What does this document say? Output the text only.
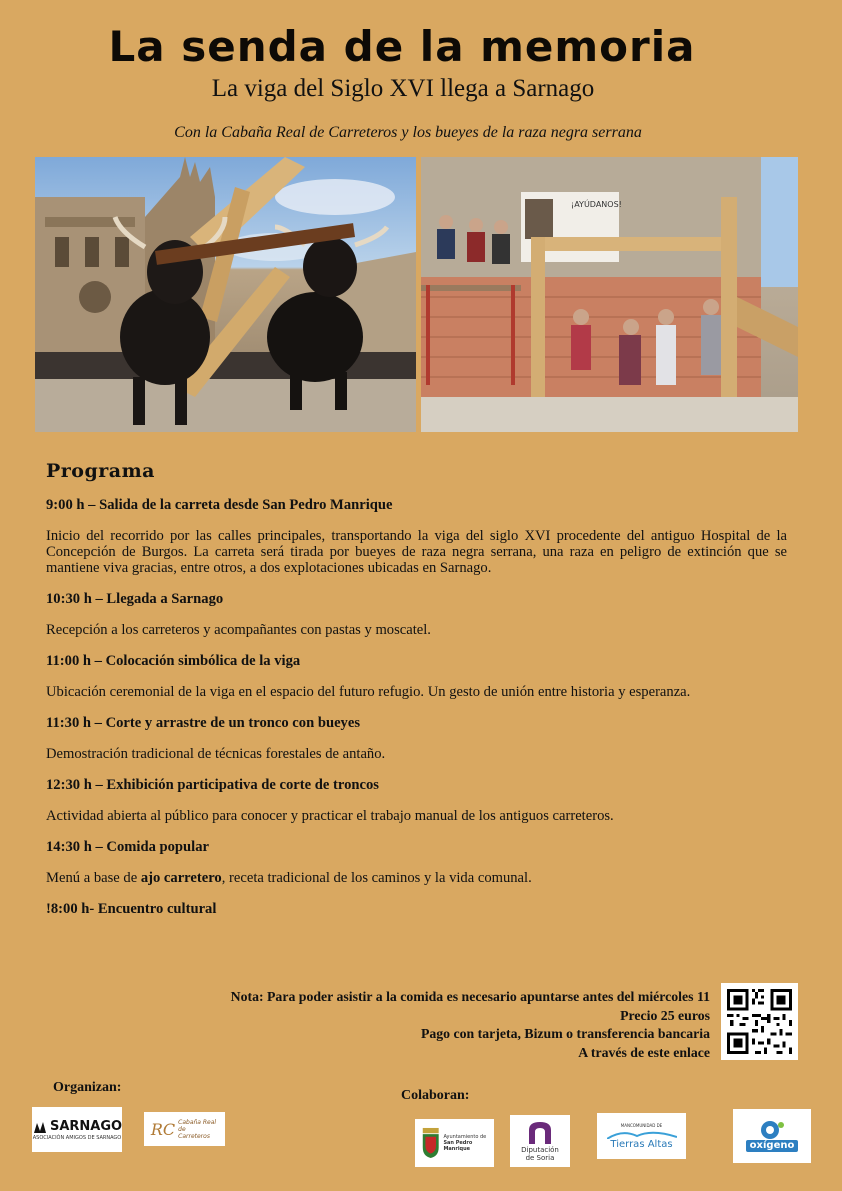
La senda de la memoria
La viga del Siglo XVI llega a Sarnago
Con la Cabaña Real de Carreteros y los bueyes de la raza negra serrana
¡AYÚDANOS!
Programa
9:00 h – Salida de la carreta desde San Pedro Manrique
Inicio del recorrido por las calles principales, transportando la viga del siglo XVI procedente del antiguo Hospital de la Concepción de Burgos. La carreta será tirada por bueyes de raza negra serrana, una raza en peligro de extinción que se mantiene viva gracias, entre otros, a dos explotaciones ubicadas en Sarnago.
10:30 h – Llegada a Sarnago
Recepción a los carreteros y acompañantes con pastas y moscatel.
11:00 h – Colocación simbólica de la viga
Ubicación ceremonial de la viga en el espacio del futuro refugio. Un gesto de unión entre historia y esperanza.
11:30 h – Corte y arrastre de un tronco con bueyes
Demostración tradicional de técnicas forestales de antaño.
12:30 h – Exhibición participativa de corte de troncos
Actividad abierta al público para conocer y practicar el trabajo manual de los antiguos carreteros.
14:30 h – Comida popular
Menú a base de ajo carretero, receta tradicional de los caminos y la vida comunal.
!8:00 h- Encuentro cultural
Nota: Para poder asistir a la comida es necesario apuntarse antes del miércoles 11
Precio 25 euros
Pago con tarjeta, Bizum o transferencia bancaria
A través de este enlace
Organizan:
Colaboran:
SARNAGO
ASOCIACIÓN AMIGOS DE SARNAGO RC Cabaña Real de Carreteros	Ayuntamiento de
San Pedro Manrique	Diputación
de Soria
MANCOMUNIDAD DE
Tierras Altas	oxígeno
